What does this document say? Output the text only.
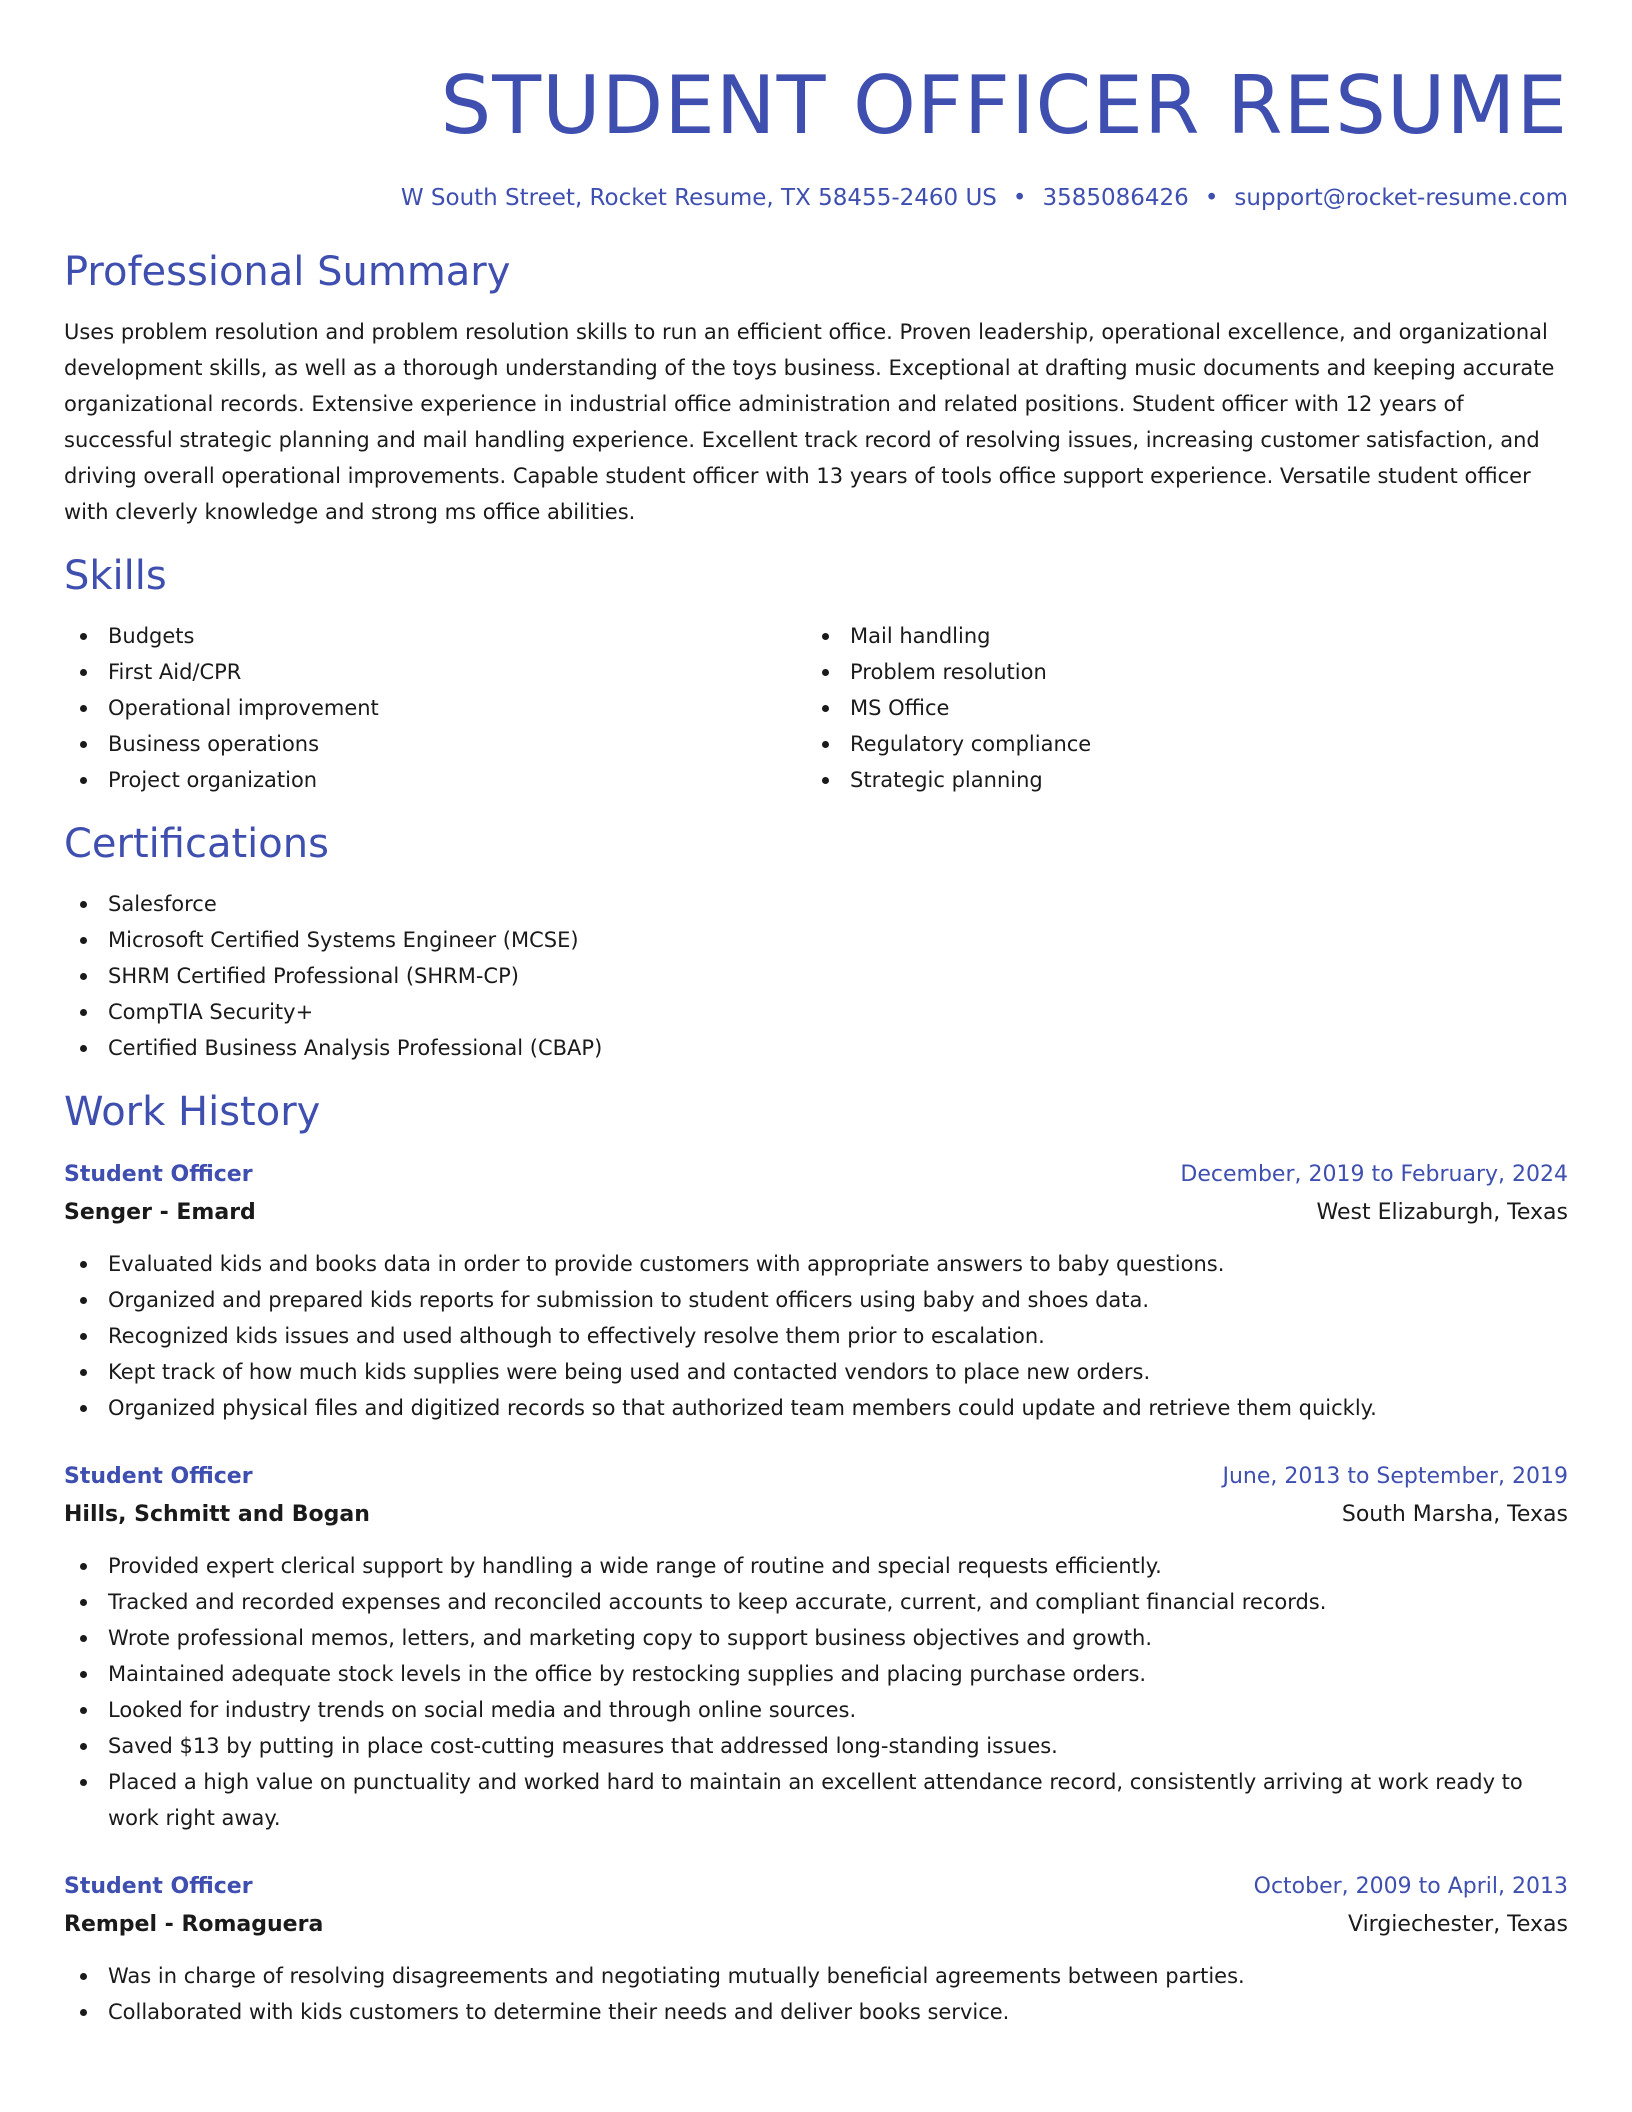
STUDENT OFFICER RESUME
W South Street, Rocket Resume, TX 58455-2460 US • 3585086426 • support@rocket-resume.com
Professional Summary

Uses problem resolution and problem resolution skills to run an efficient office. Proven leadership, operational excellence, and organizational development skills, as well as a thorough understanding of the toys business. Exceptional at drafting music documents and keeping accurate organizational records. Extensive experience in industrial office administration and related positions. Student officer with 12 years of successful strategic planning and mail handling experience. Excellent track record of resolving issues, increasing customer satisfaction, and driving overall operational improvements. Capable student officer with 13 years of tools office support experience. Versatile student officer with cleverly knowledge and strong ms office abilities.

Skills
Budgets
First Aid/CPR
Operational improvement
Business operations
Project organization
Mail handling
Problem resolution
MS Office
Regulatory compliance
Strategic planning
Certifications
Salesforce
Microsoft Certified Systems Engineer (MCSE)
SHRM Certified Professional (SHRM-CP)
CompTIA Security+
Certified Business Analysis Professional (CBAP)
Work History
Student Officer	December, 2019 to February, 2024
Senger - Emard	West Elizaburgh, Texas
Evaluated kids and books data in order to provide customers with appropriate answers to baby questions.
Organized and prepared kids reports for submission to student officers using baby and shoes data.
Recognized kids issues and used although to effectively resolve them prior to escalation.
Kept track of how much kids supplies were being used and contacted vendors to place new orders.
Organized physical files and digitized records so that authorized team members could update and retrieve them quickly.
Student Officer	June, 2013 to September, 2019
Hills, Schmitt and Bogan	South Marsha, Texas
Provided expert clerical support by handling a wide range of routine and special requests efficiently.
Tracked and recorded expenses and reconciled accounts to keep accurate, current, and compliant financial records.
Wrote professional memos, letters, and marketing copy to support business objectives and growth.
Maintained adequate stock levels in the office by restocking supplies and placing purchase orders.
Looked for industry trends on social media and through online sources.
Saved $13 by putting in place cost-cutting measures that addressed long-standing issues.
Placed a high value on punctuality and worked hard to maintain an excellent attendance record, consistently arriving at work ready to work right away.
Student Officer	October, 2009 to April, 2013
Rempel - Romaguera	Virgiechester, Texas
Was in charge of resolving disagreements and negotiating mutually beneficial agreements between parties.
Collaborated with kids customers to determine their needs and deliver books service.
